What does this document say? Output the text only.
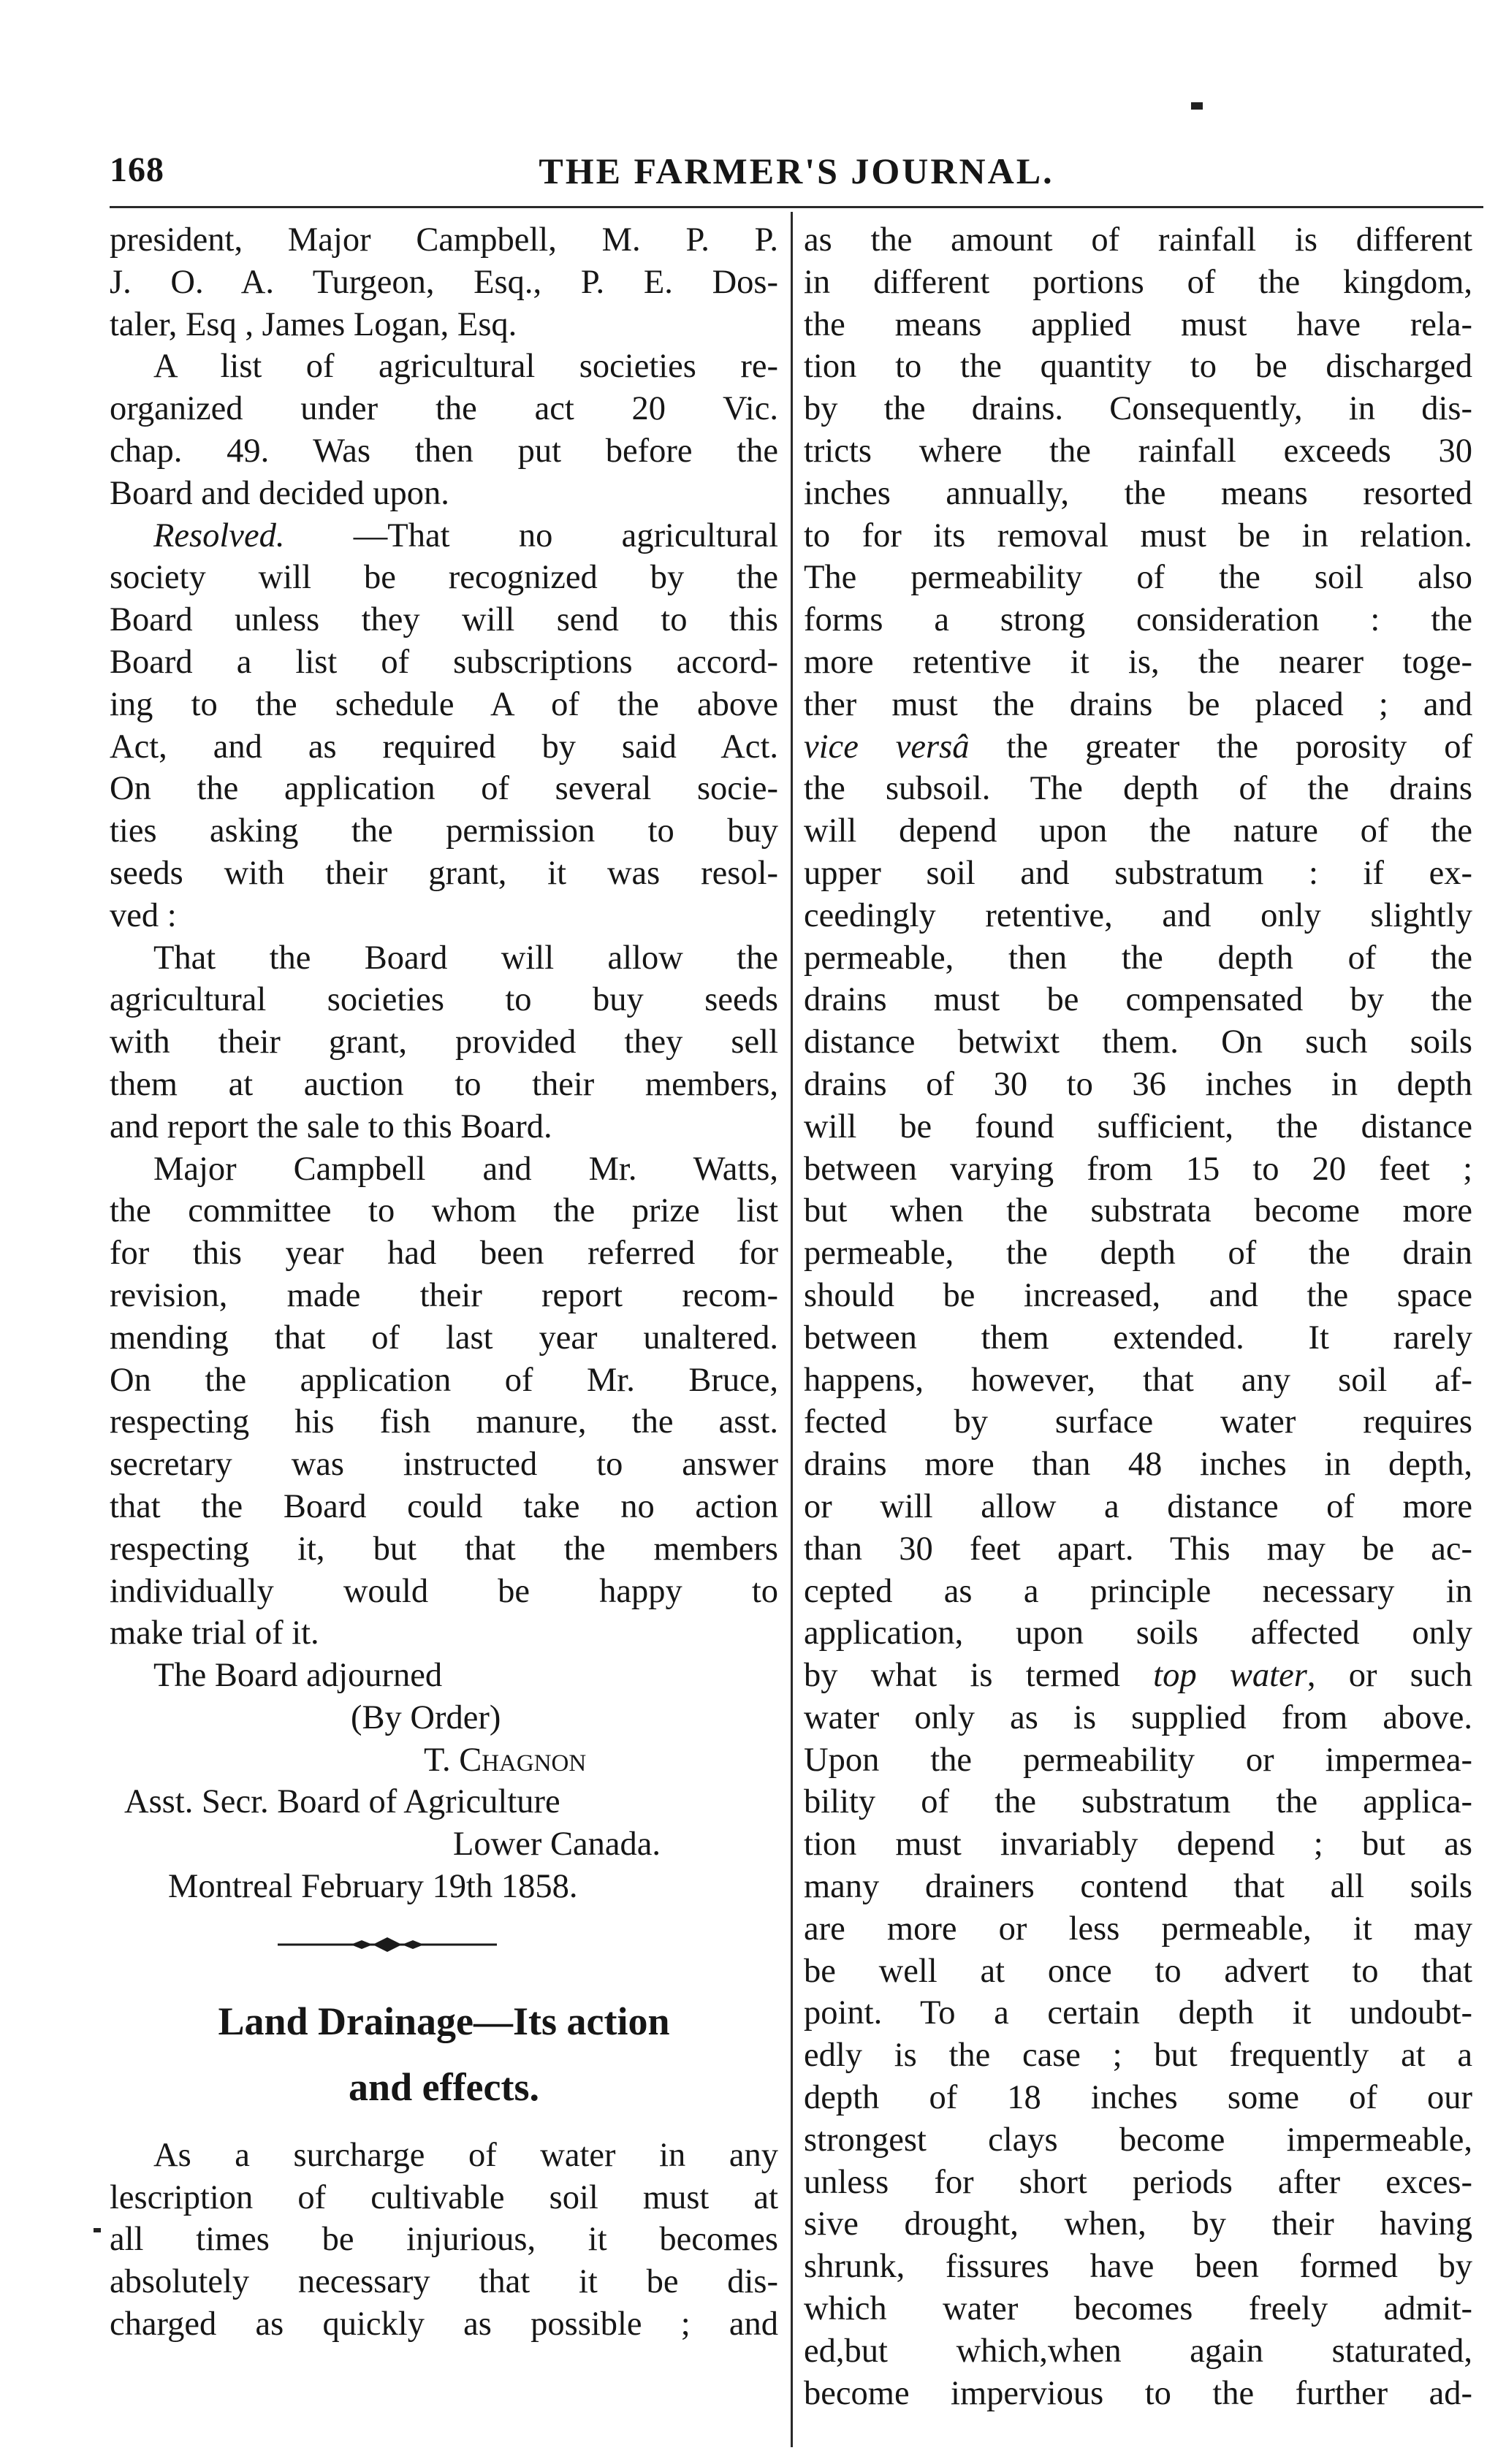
168	THE FARMER'S JOURNAL.
president, Major Campbell, M. P. P.
J. O. A. Turgeon, Esq., P. E. Dos-
taler, Esq , James Logan, Esq.
A list of agricultural societies re-
organized under the act 20 Vic.
chap. 49. Was then put before the
Board and decided upon.
Resolved. —That no agricultural
society will be recognized by the
Board unless they will send to this
Board a list of subscriptions accord-
ing to the schedule A of the above
Act, and as required by said Act.
On the application of several socie-
ties asking the permission to buy
seeds with their grant, it was resol-
ved :
That the Board will allow the
agricultural societies to buy seeds
with their grant, provided they sell
them at auction to their members,
and report the sale to this Board.
Major Campbell and Mr. Watts,
the committee to whom the prize list
for this year had been referred for
revision, made their report recom-
mending that of last year unaltered.
On the application of Mr. Bruce,
respecting his fish manure, the asst.
secretary was instructed to answer
that the Board could take no action
respecting it, but that the members
individually would be happy to
make trial of it.
The Board adjourned
(By Order)
T. Chagnon
Asst. Secr. Board of Agriculture
Lower Canada.
Montreal February 19th 1858.
Land Drainage—Its action
and effects.
As a surcharge of water in any
lescription of cultivable soil must at
all times be injurious, it becomes
absolutely necessary that it be dis-
charged as quickly as possible ; and
as the amount of rainfall is different
in different portions of the kingdom,
the means applied must have rela-
tion to the quantity to be discharged
by the drains. Consequently, in dis-
tricts where the rainfall exceeds 30
inches annually, the means resorted
to for its removal must be in relation.
The permeability of the soil also
forms a strong consideration : the
more retentive it is, the nearer toge-
ther must the drains be placed ; and
vice versâ the greater the porosity of
the subsoil. The depth of the drains
will depend upon the nature of the
upper soil and substratum : if ex-
ceedingly retentive, and only slightly
permeable, then the depth of the
drains must be compensated by the
distance betwixt them. On such soils
drains of 30 to 36 inches in depth
will be found sufficient, the distance
between varying from 15 to 20 feet ;
but when the substrata become more
permeable, the depth of the drain
should be increased, and the space
between them extended. It rarely
happens, however, that any soil af-
fected by surface water requires
drains more than 48 inches in depth,
or will allow a distance of more
than 30 feet apart. This may be ac-
cepted as a principle necessary in
application, upon soils affected only
by what is termed top water, or such
water only as is supplied from above.
Upon the permeability or impermea-
bility of the substratum the applica-
tion must invariably depend ; but as
many drainers contend that all soils
are more or less permeable, it may
be well at once to advert to that
point. To a certain depth it undoubt-
edly is the case ; but frequently at a
depth of 18 inches some of our
strongest clays become impermeable,
unless for short periods after exces-
sive drought, when, by their having
shrunk, fissures have been formed by
which water becomes freely admit-
ed,but which,when again staturated,
become impervious to the further ad-
